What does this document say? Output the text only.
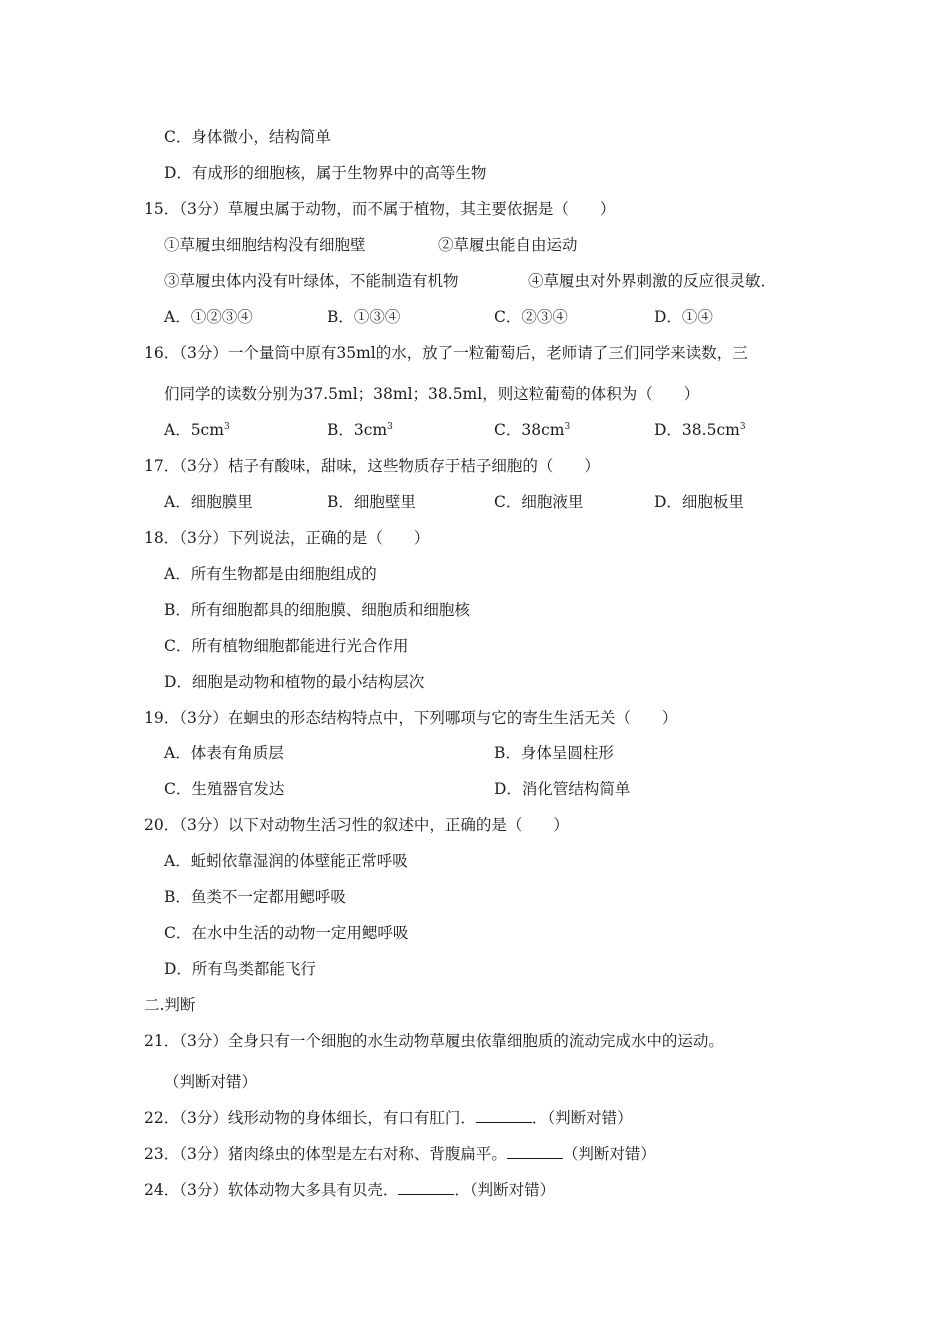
C．身体微小，结构简单
D．有成形的细胞核，属于生物界中的高等生物
15．（3分）草履虫属于动物，而不属于植物，其主要依据是（　　）
①草履虫细胞结构没有细胞壁	②草履虫能自由运动
③草履虫体内没有叶绿体，不能制造有机物	④草履虫对外界刺激的反应很灵敏．
A．①②③④	B．①③④	C．②③④	D．①④
16．（3分）一个量筒中原有35ml的水，放了一粒葡萄后，老师请了三们同学来读数，三
们同学的读数分别为37.5ml；38ml；38.5ml，则这粒葡萄的体积为（　　）
A．$5cm^3$	B．$3cm^3$	C．$38cm^3$	D．$38.5cm^3$
17．（3分）桔子有酸味，甜味，这些物质存于桔子细胞的（　　）
A．细胞膜里	B．细胞壁里	C．细胞液里	D．细胞板里
18．（3分）下列说法，正确的是（　　）
A．所有生物都是由细胞组成的
B．所有细胞都具的细胞膜、细胞质和细胞核
C．所有植物细胞都能进行光合作用
D．细胞是动物和植物的最小结构层次
19．（3分）在蛔虫的形态结构特点中，下列哪项与它的寄生生活无关（　　）
A．体表有角质层	B．身体呈圆柱形
C．生殖器官发达	D．消化管结构简单
20．（3分）以下对动物生活习性的叙述中，正确的是（　　）
A．蚯蚓依靠湿润的体壁能正常呼吸
B．鱼类不一定都用鳃呼吸
C．在水中生活的动物一定用鳃呼吸
D．所有鸟类都能飞行
二.判断
21．（3分）全身只有一个细胞的水生动物草履虫依靠细胞质的流动完成水中的运动。
（判断对错）
22．（3分）线形动物的身体细长，有口有肛门．	．（判断对错）
23．（3分）猪肉绦虫的体型是左右对称、背腹扁平。	（判断对错）
24．（3分）软体动物大多具有贝壳．	．（判断对错）
